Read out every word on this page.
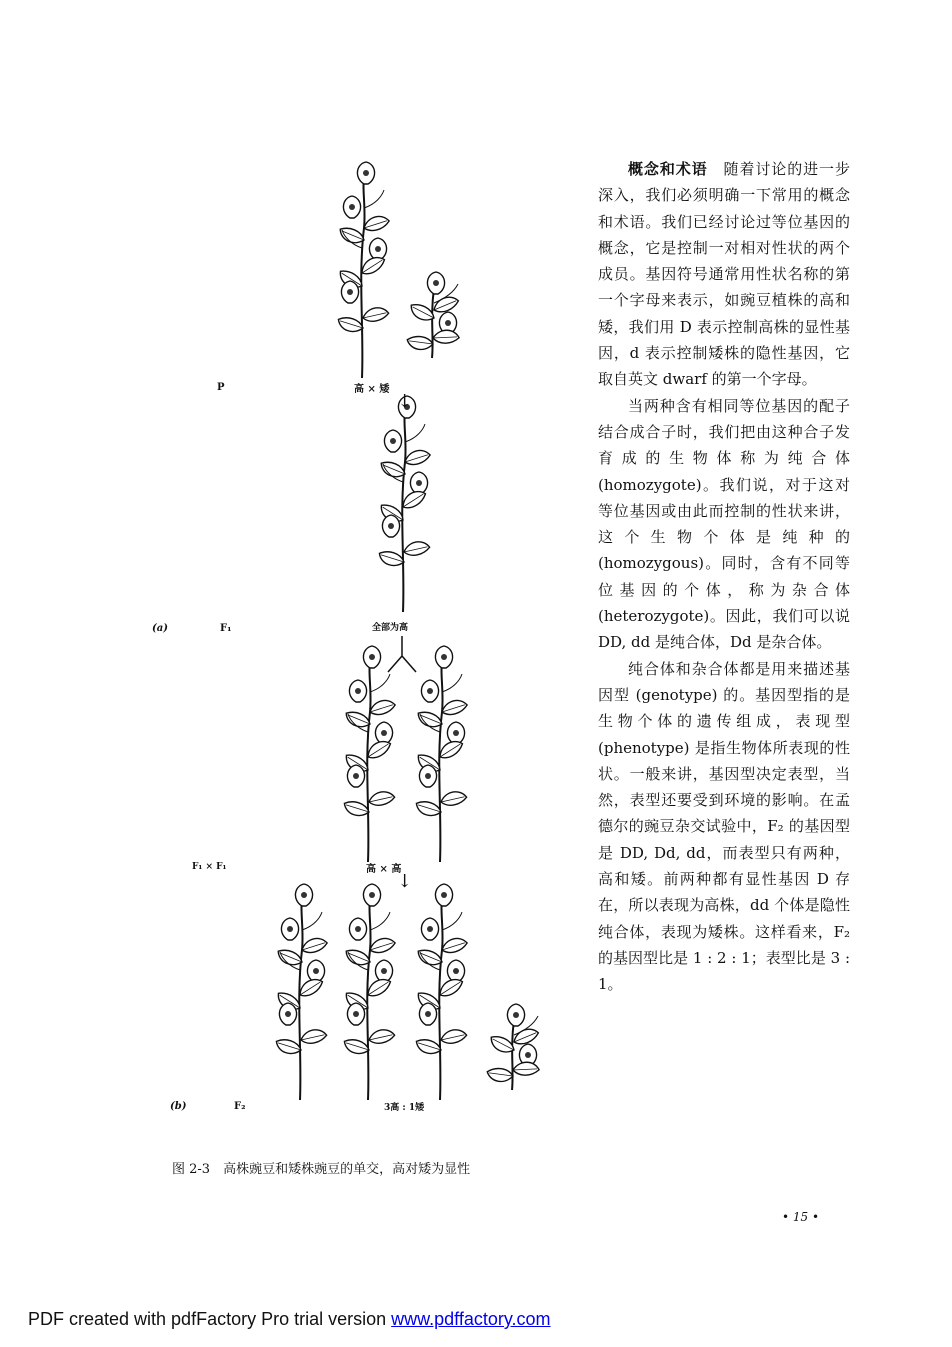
P	高 × 矮
↓
(a)	F₁	全部为高
F₁ × F₁	高 × 高
↓
(b)	F₂	3高 : 1矮
图 2-3　高株豌豆和矮株豌豆的单交，高对矮为显性

概念和术语　随着讨论的进一步深入，我们必须明确一下常用的概念和术语。我们已经讨论过等位基因的概念，它是控制一对相对性状的两个成员。基因符号通常用性状名称的第一个字母来表示，如豌豆植株的高和矮，我们用 D 表示控制高株的显性基因，d 表示控制矮株的隐性基因，它取自英文 dwarf 的第一个字母。

当两种含有相同等位基因的配子结合成合子时，我们把由这种合子发育成的生物体称为纯合体 (homozygote)。我们说，对于这对等位基因或由此而控制的性状来讲，这个生物个体是纯种的 (homozygous)。同时，含有不同等位基因的个体，称为杂合体 (heterozygote)。因此，我们可以说 DD, dd 是纯合体，Dd 是杂合体。

纯合体和杂合体都是用来描述基因型 (genotype) 的。基因型指的是生物个体的遗传组成，表现型 (phenotype) 是指生物体所表现的性状。一般来讲，基因型决定表型，当然，表型还要受到环境的影响。在孟德尔的豌豆杂交试验中，F₂ 的基因型是 DD, Dd, dd，而表型只有两种，高和矮。前两种都有显性基因 D 存在，所以表现为高株，dd 个体是隐性纯合体，表现为矮株。这样看来，F₂ 的基因型比是 1 : 2 : 1；表型比是 3 : 1。

• 15 •
PDF created with pdfFactory Pro trial version www.pdffactory.com
